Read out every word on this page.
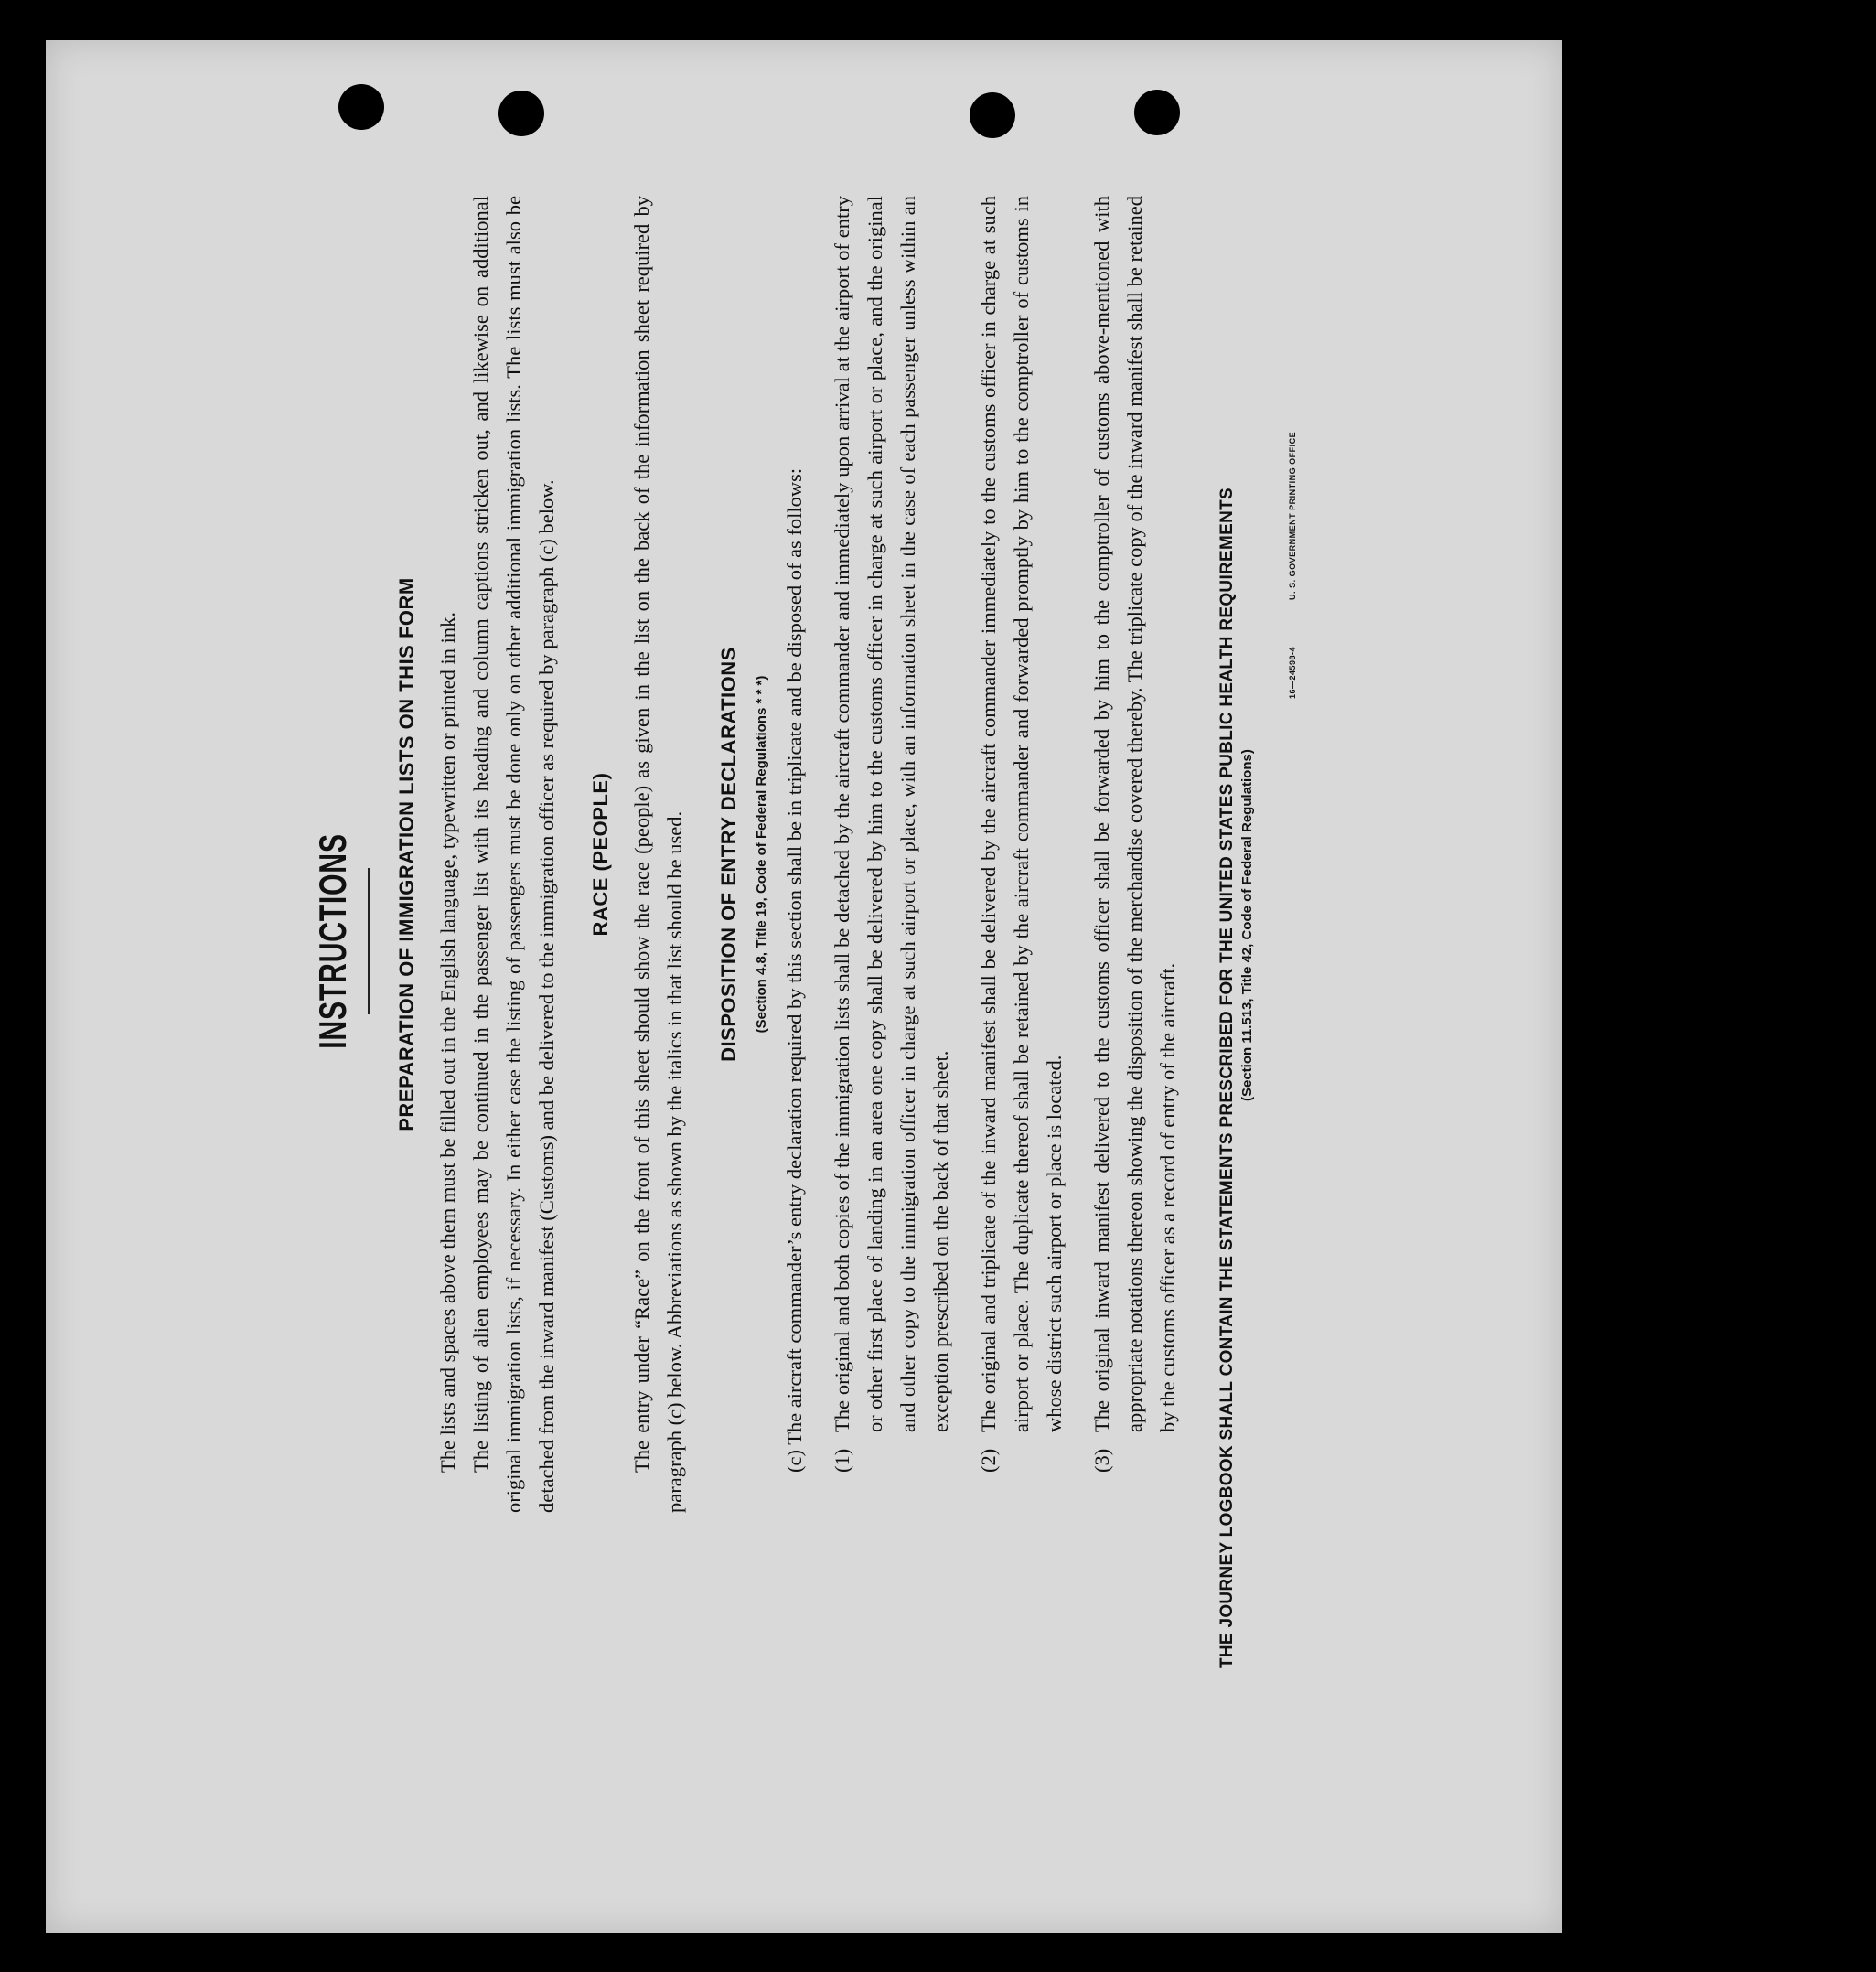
INSTRUCTIONS PREPARATION OF IMMIGRATION LISTS ON THIS FORM The lists and spaces above them must be filled out in the English language, typewritten or printed in ink. The listing of alien employees may be continued in the passenger list with its heading and column captions stricken out, and likewise on additional original immigration lists, if necessary. In either case the listing of passengers must be done only on other additional immigration lists. The lists must also be detached from the inward manifest (Customs) and be delivered to the immigration officer as required by paragraph (c) below. RACE (PEOPLE) The entry under “Race” on the front of this sheet should show the race (people) as given in the list on the back of the information sheet required by paragraph (c) below. Abbreviations as shown by the italics in that list should be used. DISPOSITION OF ENTRY DECLARATIONS (Section 4.8, Title 19, Code of Federal Regulations * * *) (c) The aircraft commander’s entry declaration required by this section shall be in triplicate and be disposed of as follows: (1)
The original and both copies of the immigration lists shall be detached by the aircraft commander and immediately upon arrival at the airport of entry or other first place of landing in an area one copy shall be delivered by him to the customs officer in charge at such airport or place, and the original and other copy to the immigration officer in charge at such airport or place, with an information sheet in the case of each passenger unless within an exception prescribed on the back of that sheet.
(2)
The original and triplicate of the inward manifest shall be delivered by the aircraft commander immediately to the customs officer in charge at such airport or place. The duplicate thereof shall be retained by the aircraft commander and forwarded promptly by him to the comptroller of customs in whose district such airport or place is located.
(3)
The original inward manifest delivered to the customs officer shall be forwarded by him to the comptroller of customs above-mentioned with appropriate notations thereon showing the disposition of the merchandise covered thereby. The triplicate copy of the inward manifest shall be retained by the customs officer as a record of entry of the aircraft.	THE JOURNEY LOGBOOK SHALL CONTAIN THE STATEMENTS PRESCRIBED FOR THE UNITED STATES PUBLIC HEALTH REQUIREMENTS (Section 11.513, Title 42, Code of Federal Regulations)
16—24598-4 U. S. GOVERNMENT PRINTING OFFICE
